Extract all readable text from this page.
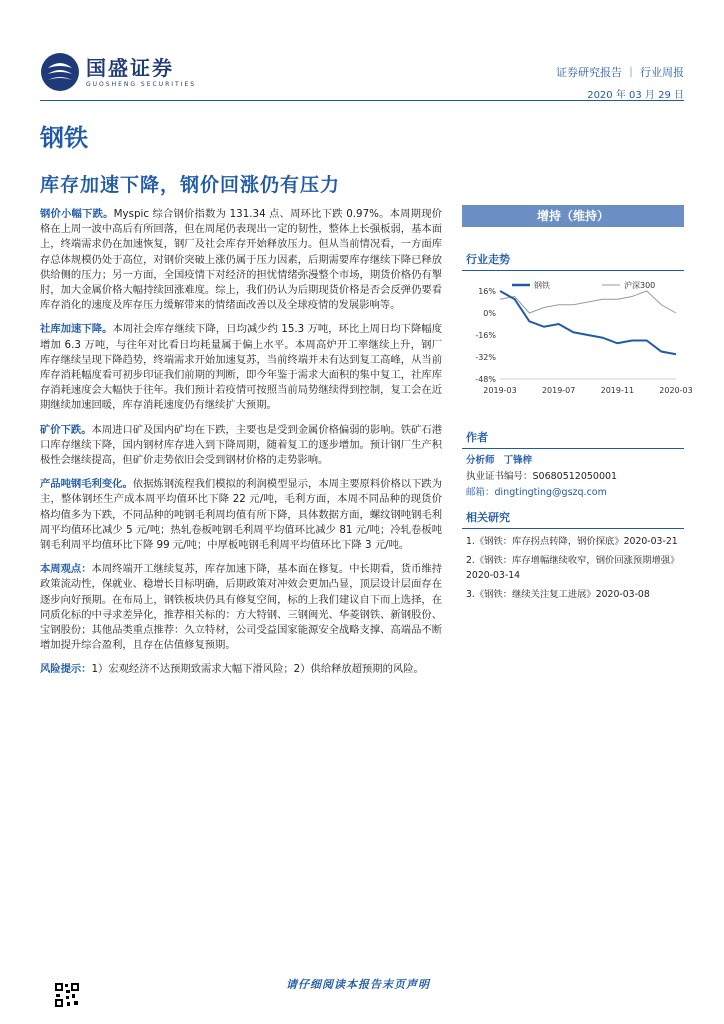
国盛证券
GUOSHENG SECURITIES
证券研究报告 ｜ 行业周报
2020 年 03 月 29 日
钢铁
库存加速下降，钢价回涨仍有压力

钢价小幅下跌。Myspic 综合钢价指数为 131.34 点、周环比下跌 0.97%。本周期现价格在上周一波中高后有所回落，但在周尾仍表现出一定的韧性，整体上长强板弱，基本面上，终端需求仍在加速恢复，钢厂及社会库存开始释放压力。但从当前情况看，一方面库存总体规模仍处于高位，对钢价突破上涨仍属于压力因素，后期需要库存继续下降已释放供给侧的压力；另一方面，全国疫情下对经济的担忧情绪弥漫整个市场，期货价格仍有掣肘，加大金属价格大幅持续回涨难度。综上，我们仍认为后期现货价格是否会反弹仍要看库存消化的速度及库存压力缓解带来的情绪面改善以及全球疫情的发展影响等。

社库加速下降。本周社会库存继续下降，日均减少约 15.3 万吨，环比上周日均下降幅度增加 6.3 万吨，与往年对比看日均耗量属于偏上水平。本周高炉开工率继续上升，钢厂库存继续呈现下降趋势，终端需求开始加速复苏，当前终端并未有达到复工高峰，从当前库存消耗幅度看可初步印证我们前期的判断，即今年鉴于需求大面积的集中复工，社库库存消耗速度会大幅快于往年。我们预计若疫情可按照当前局势继续得到控制，复工会在近期继续加速回暖，库存消耗速度仍有继续扩大预期。

矿价下跌。本周进口矿及国内矿均在下跌，主要也是受到金属价格偏弱的影响。铁矿石港口库存继续下降，国内钢材库存进入到下降周期，随着复工的逐步增加。预计钢厂生产积极性会继续提高，但矿价走势依旧会受到钢材价格的走势影响。

产品吨钢毛利变化。依据炼钢流程我们模拟的利润模型显示，本周主要原料价格以下跌为主，整体钢坯生产成本周平均值环比下降 22 元/吨，毛利方面，本周不同品种的现货价格均值多为下跌，不同品种的吨钢毛利周均值有所下降，具体数据方面，螺纹钢吨钢毛利周平均值环比减少 5 元/吨；热轧卷板吨钢毛利周平均值环比减少 81 元/吨；冷轧卷板吨钢毛利周平均值环比下降 99 元/吨；中厚板吨钢毛利周平均值环比下降 3 元/吨。

本周观点：本周终端开工继续复苏，库存加速下降，基本面在修复。中长期看，货币维持政策流动性，保就业、稳增长目标明确，后期政策对冲效会更加凸显，顶层设计层面存在逐步向好预期。在布局上，钢铁板块仍具有修复空间，标的上我们建议自下而上选择，在同质化标的中寻求差异化，推荐相关标的：方大特钢、三钢闽光、华菱钢铁、新钢股份、宝钢股份；其他品类重点推荐：久立特材，公司受益国家能源安全战略支撑、高端品不断增加提升综合盈利，且存在估值修复预期。

风险提示：1）宏观经济不达预期致需求大幅下滑风险；2）供给释放超预期的风险。

增持（维持）
行业走势
16%
0%
-16%
-32%
-48%
2019-03	2019-07	2019-11	2020-03
钢铁	沪深300
作者
分析师 丁锋梓
执业证书编号：S0680512050001
邮箱：dingtingting@gszq.com
相关研究
1.《钢铁：库存拐点转降，钢价探底》2020-03-21
2.《钢铁：库存增幅继续收窄，钢价回涨预期增强》2020-03-14
3.《钢铁：继续关注复工进展》2020-03-08
请仔细阅读本报告末页声明
